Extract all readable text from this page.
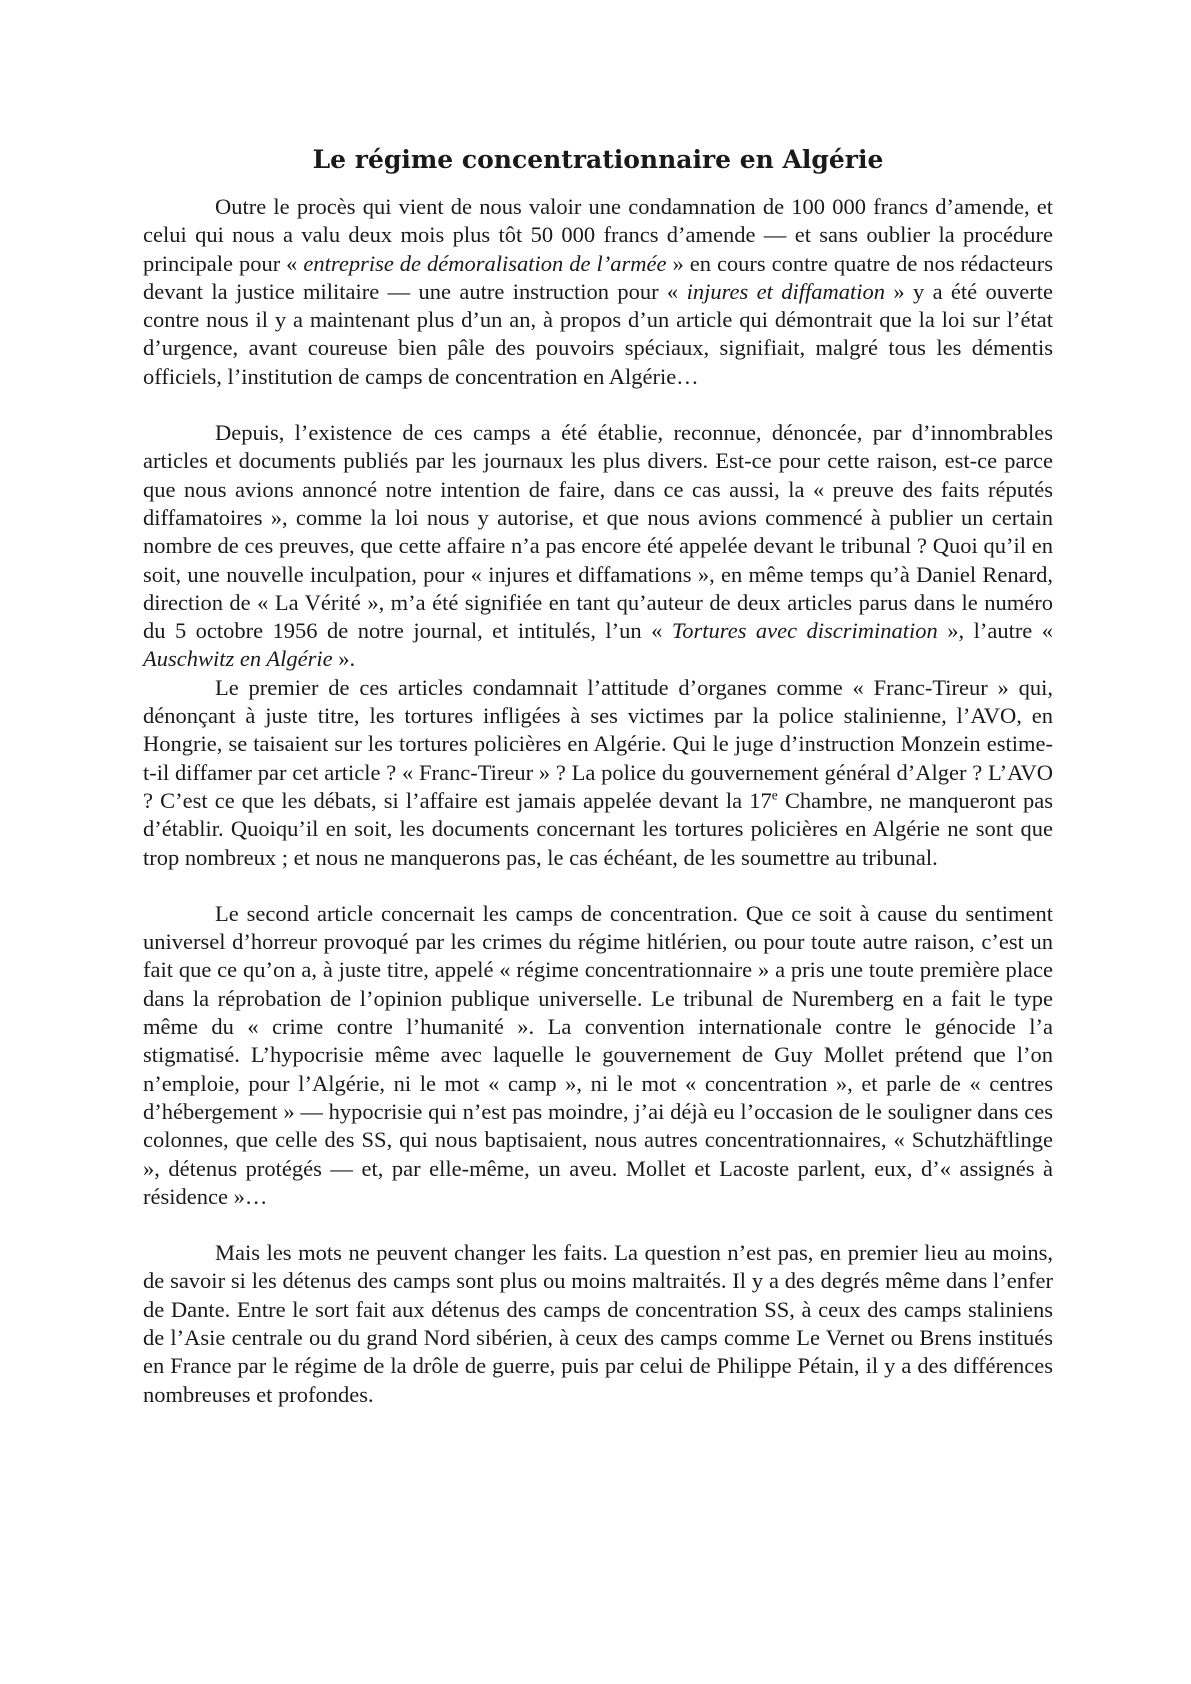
Le régime concentrationnaire en Algérie

Outre le procès qui vient de nous valoir une condamnation de 100 000 francs d’amende, et celui qui nous a valu deux mois plus tôt 50 000 francs d’amende — et sans oublier la procédure principale pour « entreprise de démoralisation de l’armée » en cours contre quatre de nos rédacteurs devant la justice militaire — une autre instruction pour « injures et diffamation » y a été ouverte contre nous il y a maintenant plus d’un an, à propos d’un article qui démontrait que la loi sur l’état d’urgence, avant coureuse bien pâle des pouvoirs spéciaux, signifiait, malgré tous les démentis officiels, l’institution de camps de concentration en Algérie…

Depuis, l’existence de ces camps a été établie, reconnue, dénoncée, par d’innombrables articles et documents publiés par les journaux les plus divers. Est-ce pour cette raison, est-ce parce que nous avions annoncé notre intention de faire, dans ce cas aussi, la « preuve des faits réputés diffamatoires », comme la loi nous y autorise, et que nous avions commencé à publier un certain nombre de ces preuves, que cette affaire n’a pas encore été appelée devant le tribunal ? Quoi qu’il en soit, une nouvelle inculpation, pour « injures et diffamations », en même temps qu’à Daniel Renard, direction de « La Vérité », m’a été signifiée en tant qu’auteur de deux articles parus dans le numéro du 5 octobre 1956 de notre journal, et intitulés, l’un « Tortures avec discrimination », l’autre « Auschwitz en Algérie ».

Le premier de ces articles condamnait l’attitude d’organes comme « Franc-Tireur » qui, dénonçant à juste titre, les tortures infligées à ses victimes par la police stalinienne, l’AVO, en Hongrie, se taisaient sur les tortures policières en Algérie. Qui le juge d’instruction Monzein estime-t-il diffamer par cet article ? « Franc-Tireur » ? La police du gouvernement général d’Alger ? L’AVO ? C’est ce que les débats, si l’affaire est jamais appelée devant la 17e Chambre, ne manqueront pas d’établir. Quoiqu’il en soit, les documents concernant les tortures policières en Algérie ne sont que trop nombreux ; et nous ne manquerons pas, le cas échéant, de les soumettre au tribunal.

Le second article concernait les camps de concentration. Que ce soit à cause du sentiment universel d’horreur provoqué par les crimes du régime hitlérien, ou pour toute autre raison, c’est un fait que ce qu’on a, à juste titre, appelé « régime concentrationnaire » a pris une toute première place dans la réprobation de l’opinion publique universelle. Le tribunal de Nuremberg en a fait le type même du « crime contre l’humanité ». La convention internationale contre le génocide l’a stigmatisé. L’hypocrisie même avec laquelle le gouvernement de Guy Mollet prétend que l’on n’emploie, pour l’Algérie, ni le mot « camp », ni le mot « concentration », et parle de « centres d’hébergement » — hypocrisie qui n’est pas moindre, j’ai déjà eu l’occasion de le souligner dans ces colonnes, que celle des SS, qui nous baptisaient, nous autres concentrationnaires, « Schutzhäftlinge », détenus protégés — et, par elle-même, un aveu. Mollet et Lacoste parlent, eux, d’« assignés à résidence »…

Mais les mots ne peuvent changer les faits. La question n’est pas, en premier lieu au moins, de savoir si les détenus des camps sont plus ou moins maltraités. Il y a des degrés même dans l’enfer de Dante. Entre le sort fait aux détenus des camps de concentration SS, à ceux des camps staliniens de l’Asie centrale ou du grand Nord sibérien, à ceux des camps comme Le Vernet ou Brens institués en France par le régime de la drôle de guerre, puis par celui de Philippe Pétain, il y a des différences nombreuses et profondes.
